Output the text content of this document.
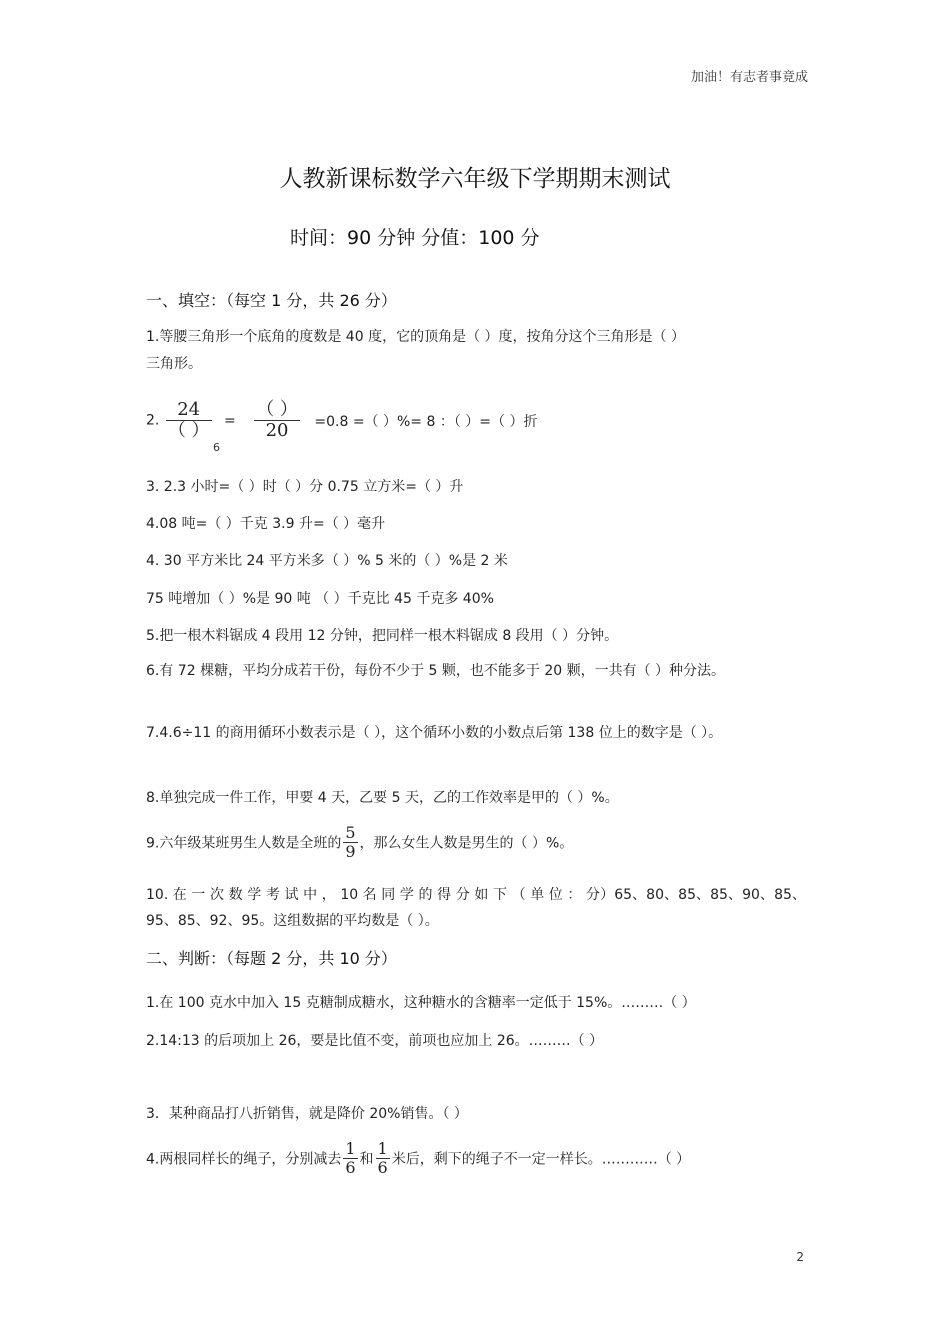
加油！有志者事竟成
人教新课标数学六年级下学期期末测试
时间：90 分钟 分值：100 分
一、填空：（每空 1 分，共 26 分）
1.等腰三角形一个底角的度数是 40 度，它的顶角是（ ）度，按角分这个三角形是（ ）
三角形。
2. $\frac{24}{( )} = \frac{( )}{20} =0.8$ =（ ）%= 8 ：（ ）=（ ）折
6
3. 2.3 小时=（ ）时（ ）分 0.75 立方米=（ ）升
4.08 吨=（ ）千克 3.9 升=（ ）毫升
4. 30 平方米比 24 平方米多（ ）% 5 米的（ ）%是 2 米
75 吨增加（ ）%是 90 吨 （ ）千克比 45 千克多 40%
5.把一根木料锯成 4 段用 12 分钟，把同样一根木料锯成 8 段用（ ）分钟。
6.有 72 棵糖，平均分成若干份，每份不少于 5 颗，也不能多于 20 颗，一共有（ ）种分法。
7.4.6÷11 的商用循环小数表示是（ ），这个循环小数的小数点后第 138 位上的数字是（ ）。
8.单独完成一件工作，甲要 4 天，乙要 5 天，乙的工作效率是甲的（ ）%。
9.六年级某班男生人数是全班的 $\frac{5}{9}$ ，那么女生人数是男生的（ ）%。
10. 在 一 次 数 学 考 试 中 ， 10 名 同 学 的 得 分 如 下 （ 单 位 ： 分）65、80、85、85、90、85、95、85、92、95。这组数据的平均数是（ ）。
二、判断：（每题 2 分，共 10 分）
1.在 100 克水中加入 15 克糖制成糖水，这种糖水的含糖率一定低于 15%。………（ ）
2.14:13 的后项加上 26，要是比值不变，前项也应加上 26。………（ ）
3．某种商品打八折销售，就是降价 20%销售。（ ）
4.两根同样长的绳子，分别减去 $\frac{1}{6}$ 和 $\frac{1}{6}$ 米后，剩下的绳子不一定一样长。…………（ ）
2
